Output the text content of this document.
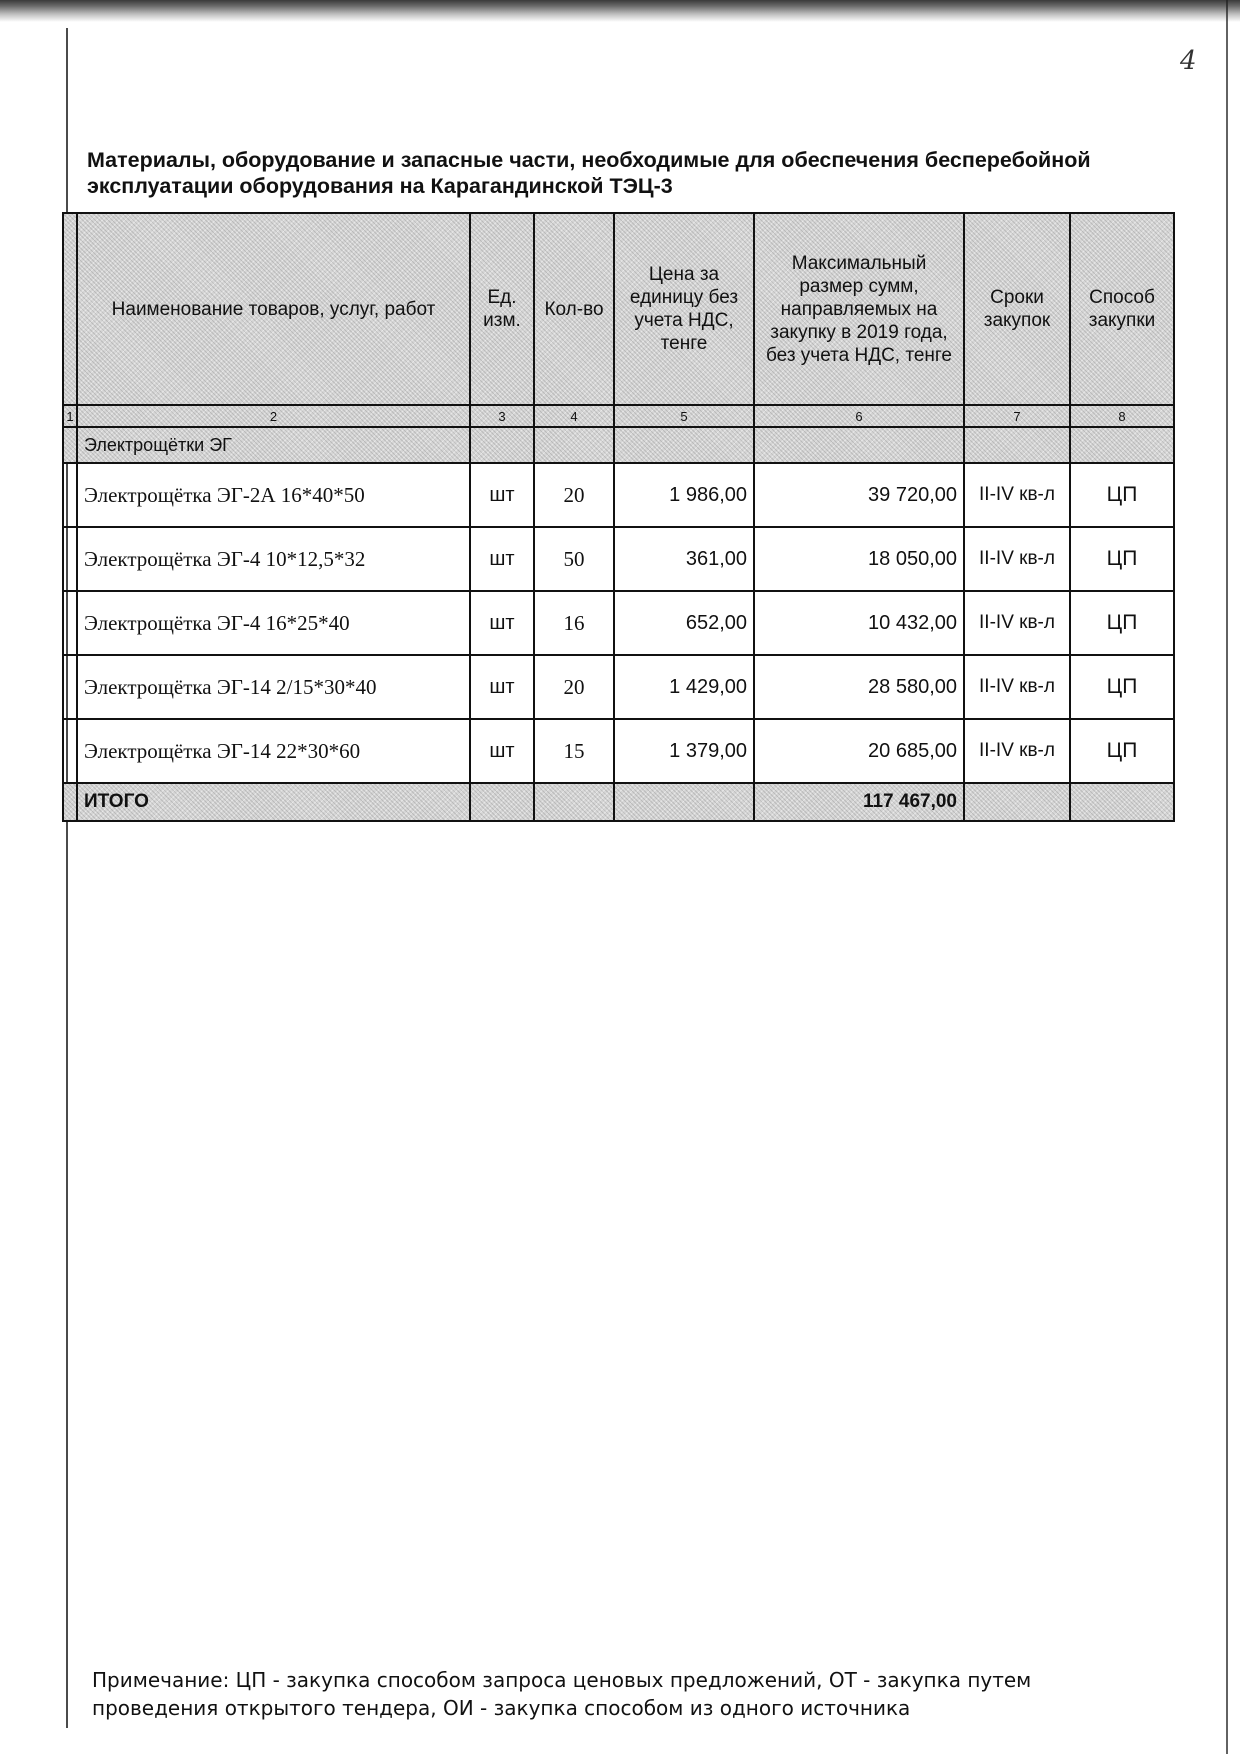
4

Материалы, оборудование и запасные части, необходимые для обеспечения бесперебойной эксплуатации оборудования на Карагандинской ТЭЦ-3

	Наименование товаров, услуг, работ	Ед. изм.	Кол-во	Цена за единицу без учета НДС, тенге	Максимальный размер сумм, направляемых на закупку в 2019 года, без учета НДС, тенге	Сроки закупок	Способ закупки
1	2	3	4	5	6	7	8
	Электрощётки ЭГ						
	Электрощётка ЭГ-2А 16*40*50	шт	20	1 986,00	39 720,00	II-IV кв-л	ЦП
	Электрощётка ЭГ-4 10*12,5*32	шт	50	361,00	18 050,00	II-IV кв-л	ЦП
	Электрощётка ЭГ-4 16*25*40	шт	16	652,00	10 432,00	II-IV кв-л	ЦП
	Электрощётка ЭГ-14 2/15*30*40	шт	20	1 429,00	28 580,00	II-IV кв-л	ЦП
	Электрощётка ЭГ-14 22*30*60	шт	15	1 379,00	20 685,00	II-IV кв-л	ЦП
	ИТОГО				117 467,00		

Примечание: ЦП - закупка способом запроса ценовых предложений, ОТ - закупка путем проведения открытого тендера, ОИ - закупка способом из одного источника
